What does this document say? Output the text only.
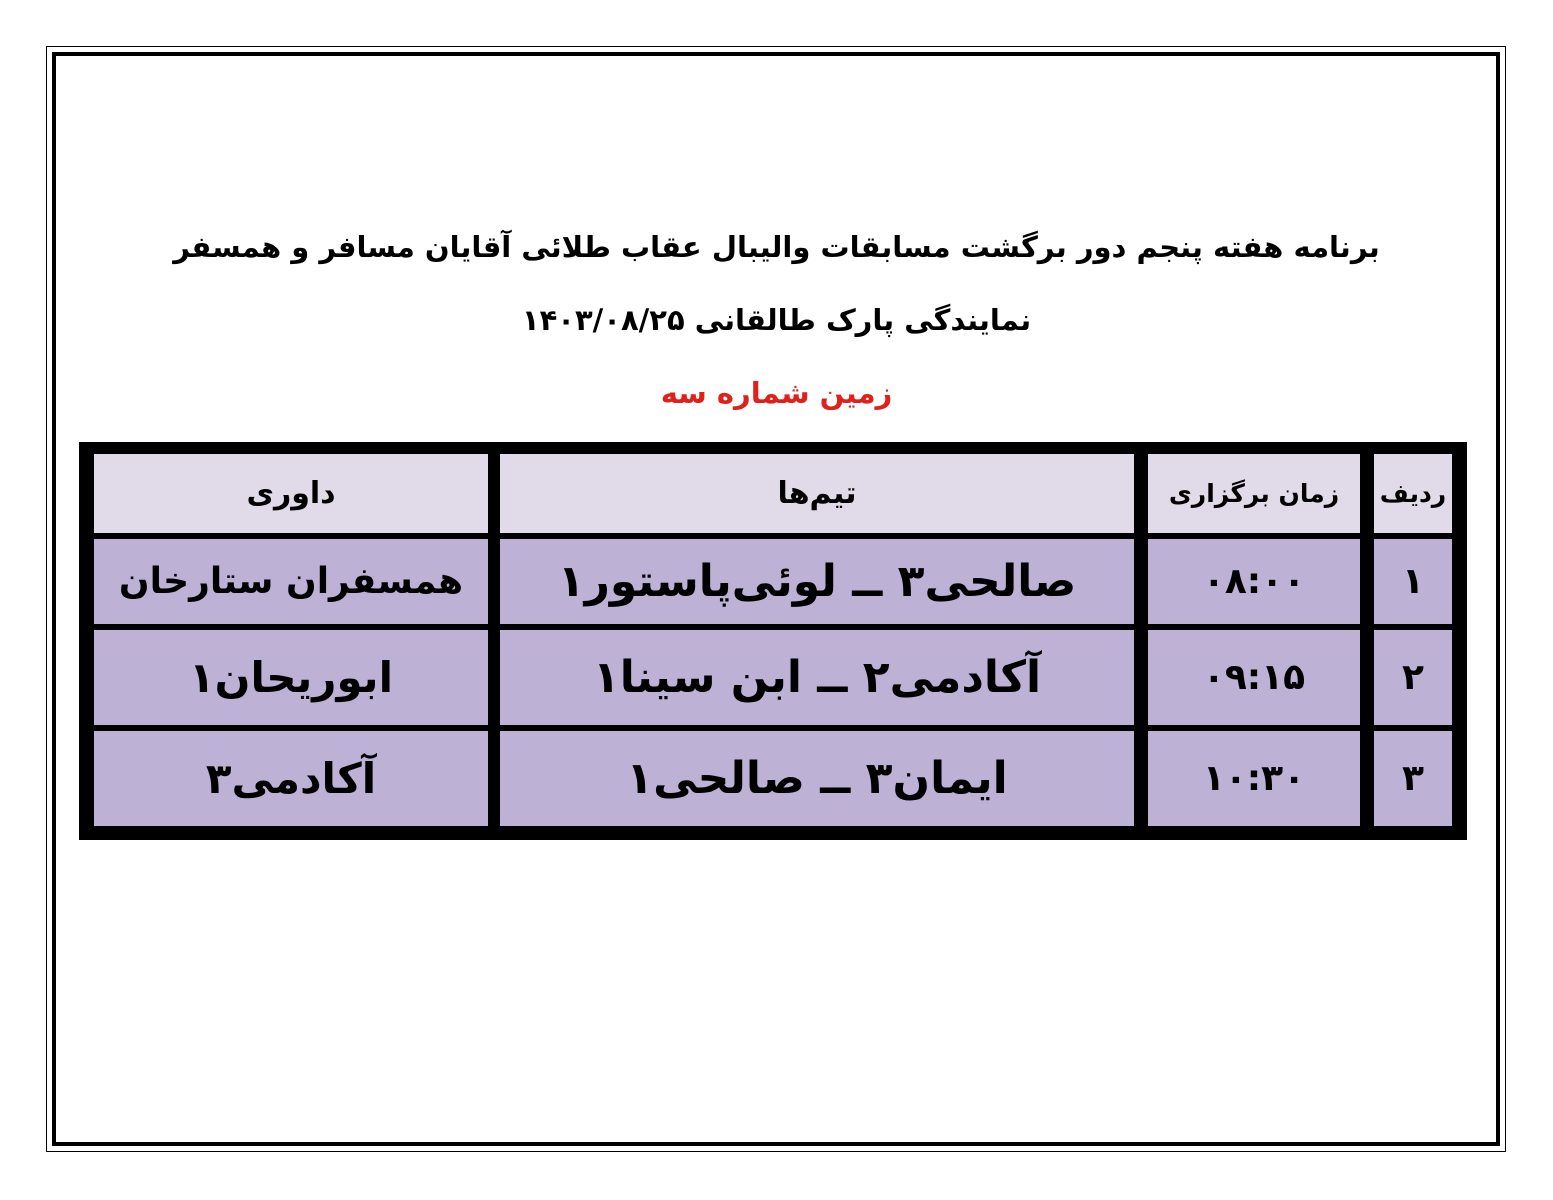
برنامه هفته پنجم دور برگشت مسابقات والیبال عقاب طلائی آقایان مسافر و همسفر
نمایندگی پارک طالقانی ۱۴۰۳/۰۸/۲۵
زمین شماره سه
ردیف		زمان برگزاری		تیم‌ها		داوری
۱		۰۸:۰۰		صالحی۳ ــ لوئی‌پاستور۱		همسفران ستارخان
۲		۰۹:۱۵		آکادمی۲ ــ ابن سینا۱		ابوریحان۱
۳		۱۰:۳۰		ایمان۳ ــ صالحی۱		آکادمی۳
